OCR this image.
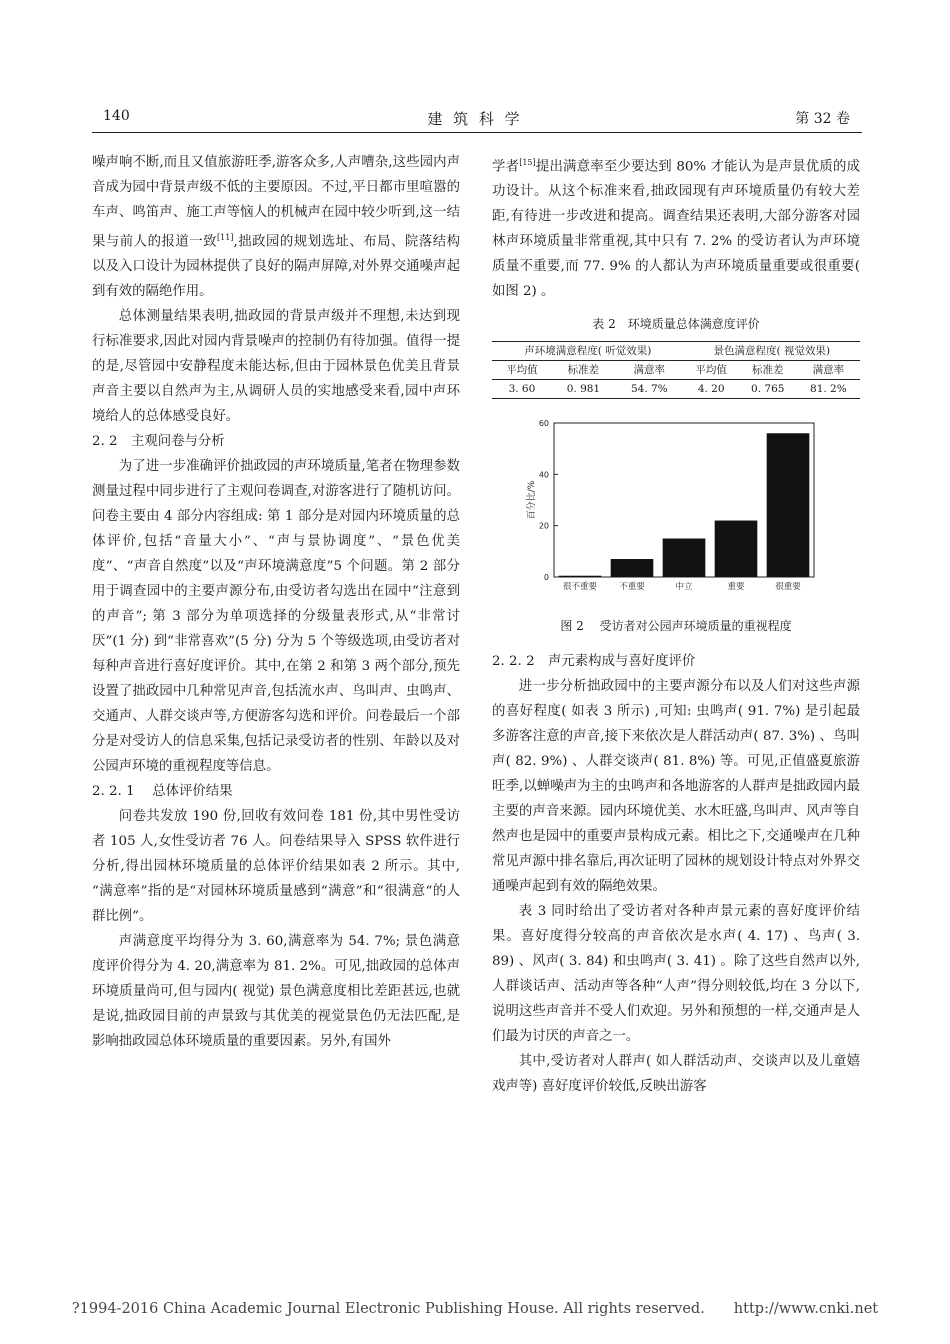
140	建 筑 科 学	第 32 卷

噪声响不断,而且又值旅游旺季,游客众多,人声嘈杂,这些园内声音成为园中背景声级不低的主要原因。不过,平日都市里喧嚣的车声、鸣笛声、施工声等恼人的机械声在园中较少听到,这一结果与前人的报道一致[11],拙政园的规划选址、布局、院落结构以及入口设计为园林提供了良好的隔声屏障,对外界交通噪声起到有效的隔绝作用。

总体测量结果表明,拙政园的背景声级并不理想,未达到现行标准要求,因此对园内背景噪声的控制仍有待加强。值得一提的是,尽管园中安静程度未能达标,但由于园林景色优美且背景声音主要以自然声为主,从调研人员的实地感受来看,园中声环境给人的总体感受良好。

2. 2　主观问卷与分析

为了进一步准确评价拙政园的声环境质量,笔者在物理参数测量过程中同步进行了主观问卷调查,对游客进行了随机访问。问卷主要由 4 部分内容组成: 第 1 部分是对园内环境质量的总体评价,包括“音量大小”、“声与景协调度”、“景色优美度”、“声音自然度”以及“声环境满意度”5 个问题。第 2 部分用于调查园中的主要声源分布,由受访者勾选出在园中“注意到的声音”; 第 3 部分为单项选择的分级量表形式,从“非常讨厌”(1 分) 到“非常喜欢”(5 分) 分为 5 个等级选项,由受访者对每种声音进行喜好度评价。其中,在第 2 和第 3 两个部分,预先设置了拙政园中几种常见声音,包括流水声、鸟叫声、虫鸣声、交通声、人群交谈声等,方便游客勾选和评价。问卷最后一个部分是对受访人的信息采集,包括记录受访者的性别、年龄以及对公园声环境的重视程度等信息。

2. 2. 1　 总体评价结果

问卷共发放 190 份,回收有效问卷 181 份,其中男性受访者 105 人,女性受访者 76 人。问卷结果导入 SPSS 软件进行分析,得出园林环境质量的总体评价结果如表 2 所示。其中, “满意率”指的是“对园林环境质量感到“满意”和“很满意“的人群比例”。

声满意度平均得分为 3. 60,满意率为 54. 7%; 景色满意度评价得分为 4. 20,满意率为 81. 2%。可见,拙政园的总体声环境质量尚可,但与园内( 视觉) 景色满意度相比差距甚远,也就是说,拙政园目前的声景致与其优美的视觉景色仍无法匹配,是影响拙政园总体环境质量的重要因素。另外,有国外

学者[15]提出满意率至少要达到 80% 才能认为是声景优质的成功设计。从这个标准来看,拙政园现有声环境质量仍有较大差距,有待进一步改进和提高。调查结果还表明,大部分游客对园林声环境质量非常重视,其中只有 7. 2% 的受访者认为声环境质量不重要,而 77. 9% 的人都认为声环境质量重要或很重要( 如图 2) 。

表 2　环境质量总体满意度评价
声环境满意程度( 听觉效果)			景色满意程度( 视觉效果)		
平均值	标准差	满意率	平均值	标准差	满意率
3. 60	0. 981	54. 7%	4. 20	0. 765	81. 2%
0
20
40
60
百分比/%
很不重要	不重要	中立	重要	很重要
图 2　 受访者对公园声环境质量的重视程度

2. 2. 2　声元素构成与喜好度评价

进一步分析拙政园中的主要声源分布以及人们对这些声源的喜好程度( 如表 3 所示) ,可知: 虫鸣声( 91. 7%) 是引起最多游客注意的声音,接下来依次是人群活动声( 87. 3%) 、鸟叫声( 82. 9%) 、人群交谈声( 81. 8%) 等。可见,正值盛夏旅游旺季,以蝉噪声为主的虫鸣声和各地游客的人群声是拙政园内最主要的声音来源。园内环境优美、水木旺盛,鸟叫声、风声等自然声也是园中的重要声景构成元素。相比之下,交通噪声在几种常见声源中排名靠后,再次证明了园林的规划设计特点对外界交通噪声起到有效的隔绝效果。

表 3 同时给出了受访者对各种声景元素的喜好度评价结果。喜好度得分较高的声音依次是水声( 4. 17) 、鸟声( 3. 89) 、风声( 3. 84) 和虫鸣声( 3. 41) 。除了这些自然声以外,人群谈话声、活动声等各种“人声”得分则较低,均在 3 分以下,说明这些声音并不受人们欢迎。另外和预想的一样,交通声是人们最为讨厌的声音之一。

其中,受访者对人群声( 如人群活动声、交谈声以及儿童嬉戏声等) 喜好度评价较低,反映出游客

?1994-2016 China Academic Journal Electronic Publishing House. All rights reserved.　　http://www.cnki.net
